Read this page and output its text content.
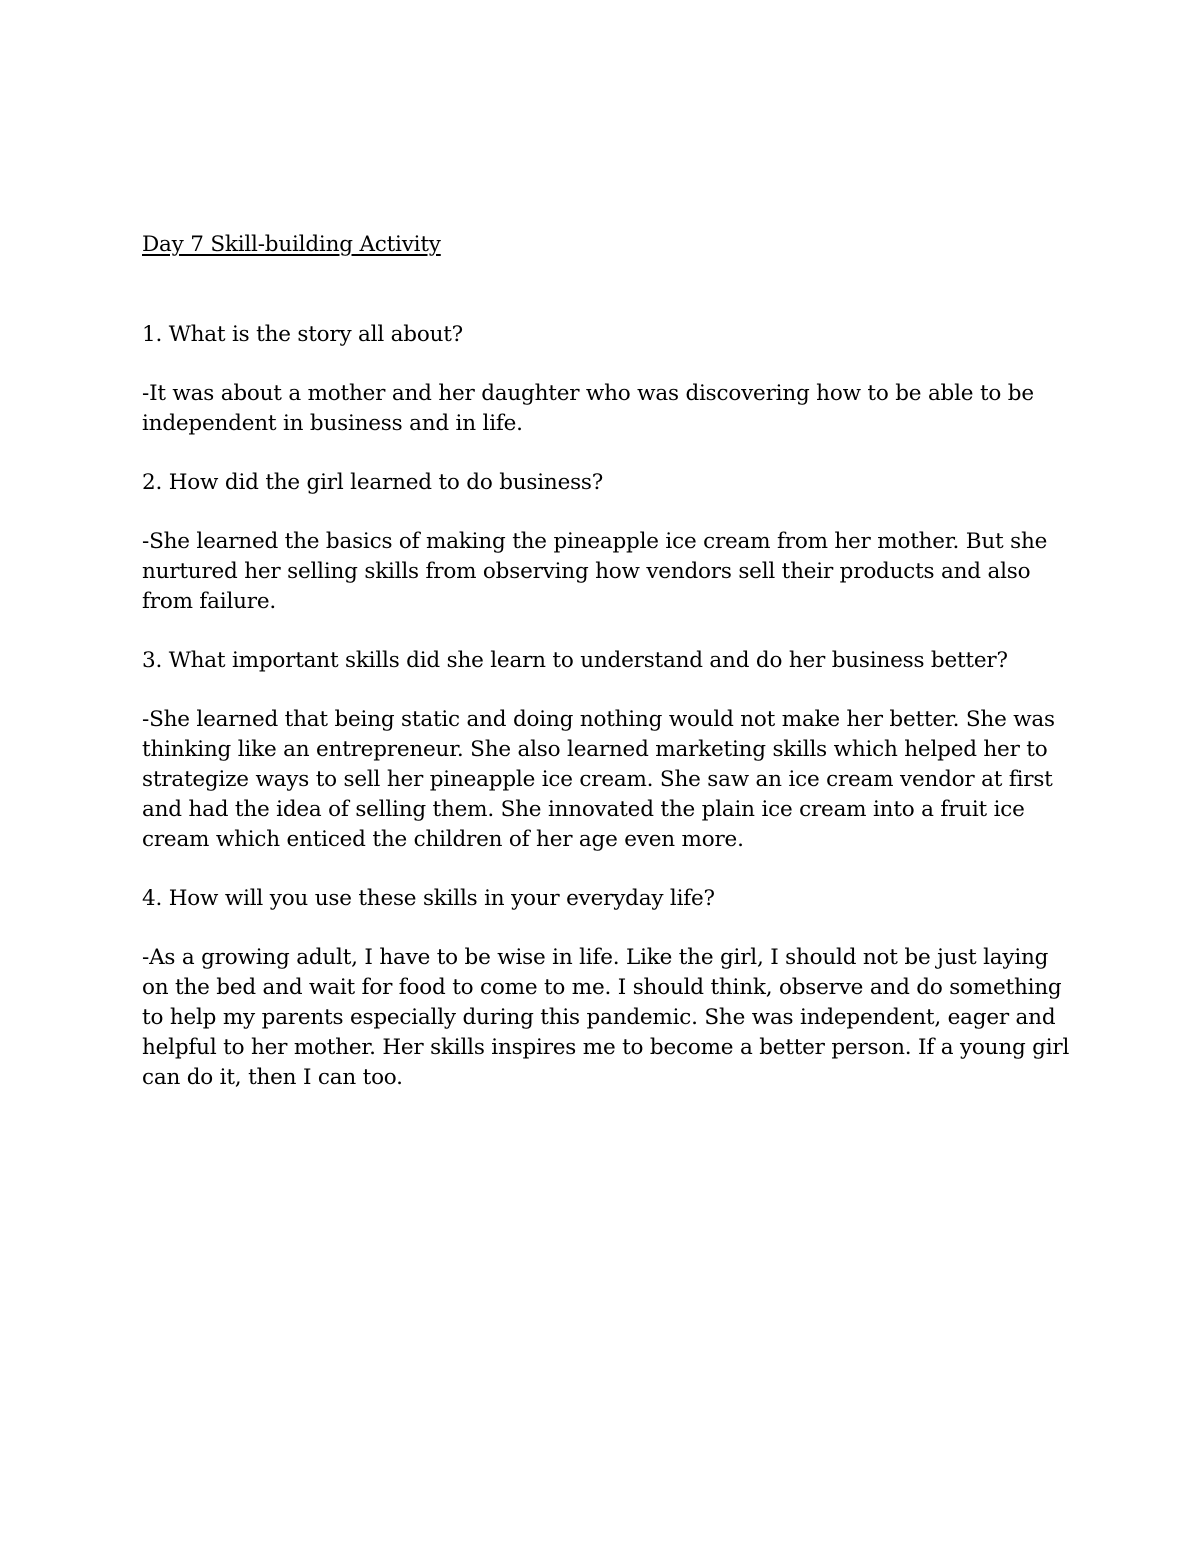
Day 7 Skill-building Activity

1. What is the story all about?

-It was about a mother and her daughter who was discovering how to be able to be independent in business and in life.

2. How did the girl learned to do business?

-She learned the basics of making the pineapple ice cream from her mother. But she nurtured her selling skills from observing how vendors sell their products and also from failure.

3. What important skills did she learn to understand and do her business better?

-She learned that being static and doing nothing would not make her better. She was thinking like an entrepreneur. She also learned marketing skills which helped her to strategize ways to sell her pineapple ice cream. She saw an ice cream vendor at first and had the idea of selling them. She innovated the plain ice cream into a fruit ice cream which enticed the children of her age even more.

4. How will you use these skills in your everyday life?

-As a growing adult, I have to be wise in life. Like the girl, I should not be just laying on the bed and wait for food to come to me. I should think, observe and do something to help my parents especially during this pandemic. She was independent, eager and helpful to her mother. Her skills inspires me to become a better person. If a young girl can do it, then I can too.
